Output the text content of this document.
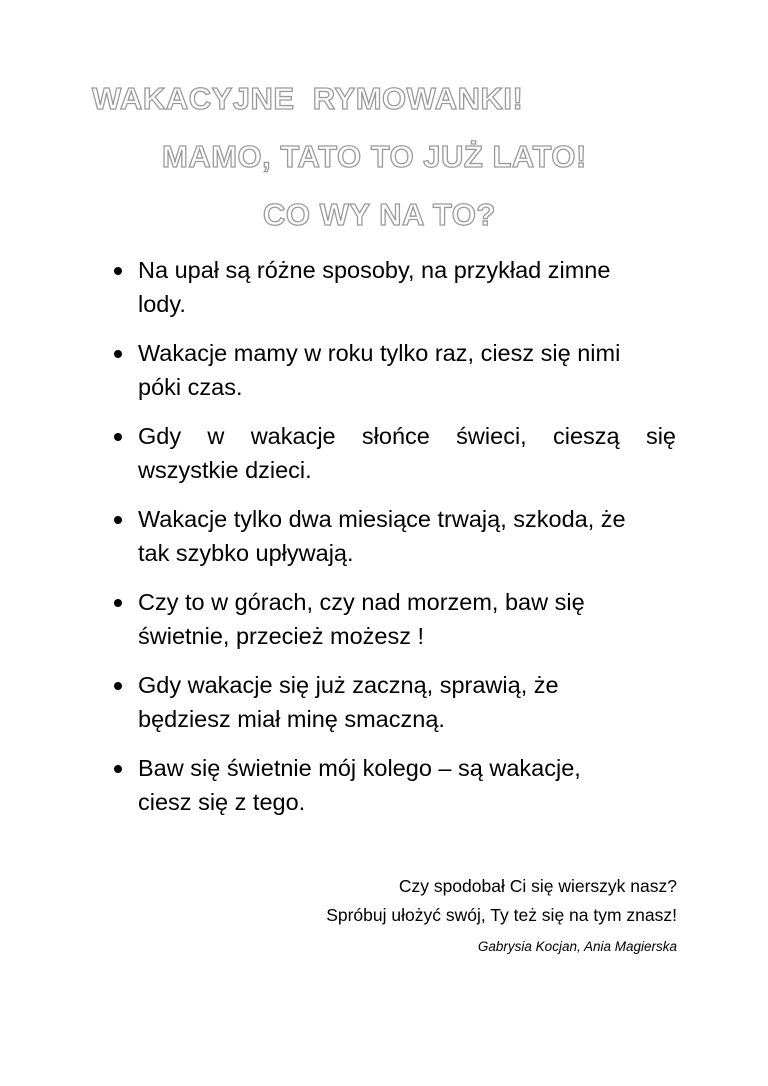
WAKACYJNE  RYMOWANKI!
MAMO, TATO TO JUŻ LATO!
CO WY NA TO?
Na upał są różne sposoby, na przykład zimne
lody.
Wakacje mamy w roku tylko raz, ciesz się nimi
póki czas.
Gdy w wakacje słońce świeci, cieszą się
wszystkie dzieci.
Wakacje tylko dwa miesiące trwają, szkoda, że
tak szybko upływają.
Czy to w górach, czy nad morzem, baw się
świetnie, przecież możesz !
Gdy wakacje się już zaczną, sprawią, że
będziesz miał minę smaczną.
Baw się świetnie mój kolego – są wakacje,
ciesz się z tego.
Czy spodobał Ci się wierszyk nasz?
Spróbuj ułożyć swój, Ty też się na tym znasz!
Gabrysia Kocjan, Ania Magierska
